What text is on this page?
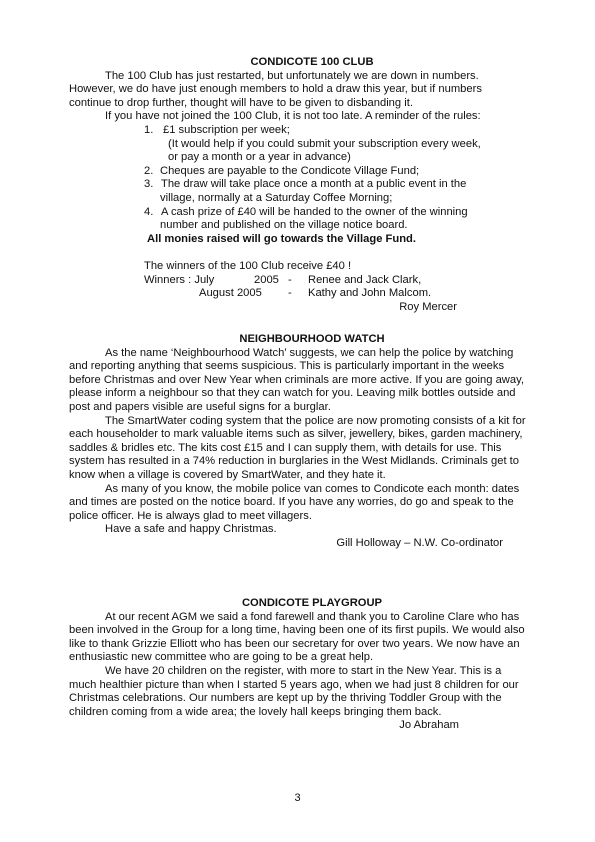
CONDICOTE 100 CLUB

The 100 Club has just restarted, but unfortunately we are down in numbers. However, we do have just enough members to hold a draw this year, but if numbers continue to drop further, thought will have to be given to disbanding it.

If you have not joined the 100 Club, it is not too late. A reminder of the rules:

1. £1 subscription per week;
(It would help if you could submit your subscription every week,
or pay a month or a year in advance)
2. Cheques are payable to the Condicote Village Fund;
3. The draw will take place once a month at a public event in the
village, normally at a Saturday Coffee Morning;
4. A cash prize of £40 will be handed to the owner of the winning
number and published on the village notice board.

All monies raised will go towards the Village Fund.

The winners of the 100 Club receive £40 !

Winners : July	2005 -	Renee and Jack Clark,
August 2005	-	Kathy and John Malcom.

Roy Mercer

NEIGHBOURHOOD WATCH

As the name ‘Neighbourhood Watch’ suggests, we can help the police by watching and reporting anything that seems suspicious. This is particularly important in the weeks before Christmas and over New Year when criminals are more active. If you are going away, please inform a neighbour so that they can watch for you. Leaving milk bottles outside and post and papers visible are useful signs for a burglar.

The SmartWater coding system that the police are now promoting consists of a kit for each householder to mark valuable items such as silver, jewellery, bikes, garden machinery, saddles & bridles etc. The kits cost £15 and I can supply them, with details for use. This system has resulted in a 74% reduction in burglaries in the West Midlands. Criminals get to know when a village is covered by SmartWater, and they hate it.

As many of you know, the mobile police van comes to Condicote each month: dates and times are posted on the notice board. If you have any worries, do go and speak to the police officer. He is always glad to meet villagers.

Have a safe and happy Christmas.

Gill Holloway – N.W. Co-ordinator

CONDICOTE PLAYGROUP

At our recent AGM we said a fond farewell and thank you to Caroline Clare who has been involved in the Group for a long time, having been one of its first pupils. We would also like to thank Grizzie Elliott who has been our secretary for over two years. We now have an enthusiastic new committee who are going to be a great help.

We have 20 children on the register, with more to start in the New Year. This is a much healthier picture than when I started 5 years ago, when we had just 8 children for our Christmas celebrations. Our numbers are kept up by the thriving Toddler Group with the children coming from a wide area; the lovely hall keeps bringing them back.

Jo Abraham

3
